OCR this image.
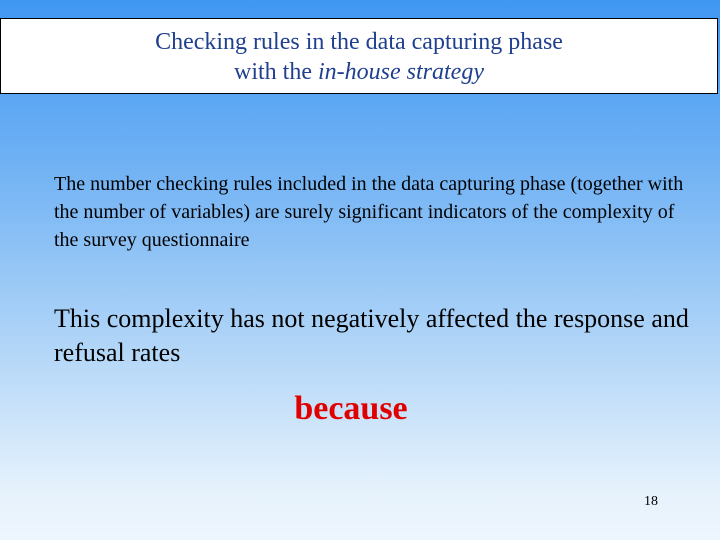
Checking rules in the data capturing phase
with the in-house strategy
The number checking rules included in the data capturing phase (together with the number of variables) are surely significant indicators of the complexity of the survey questionnaire
This complexity has not negatively affected the response and refusal rates
because
18
